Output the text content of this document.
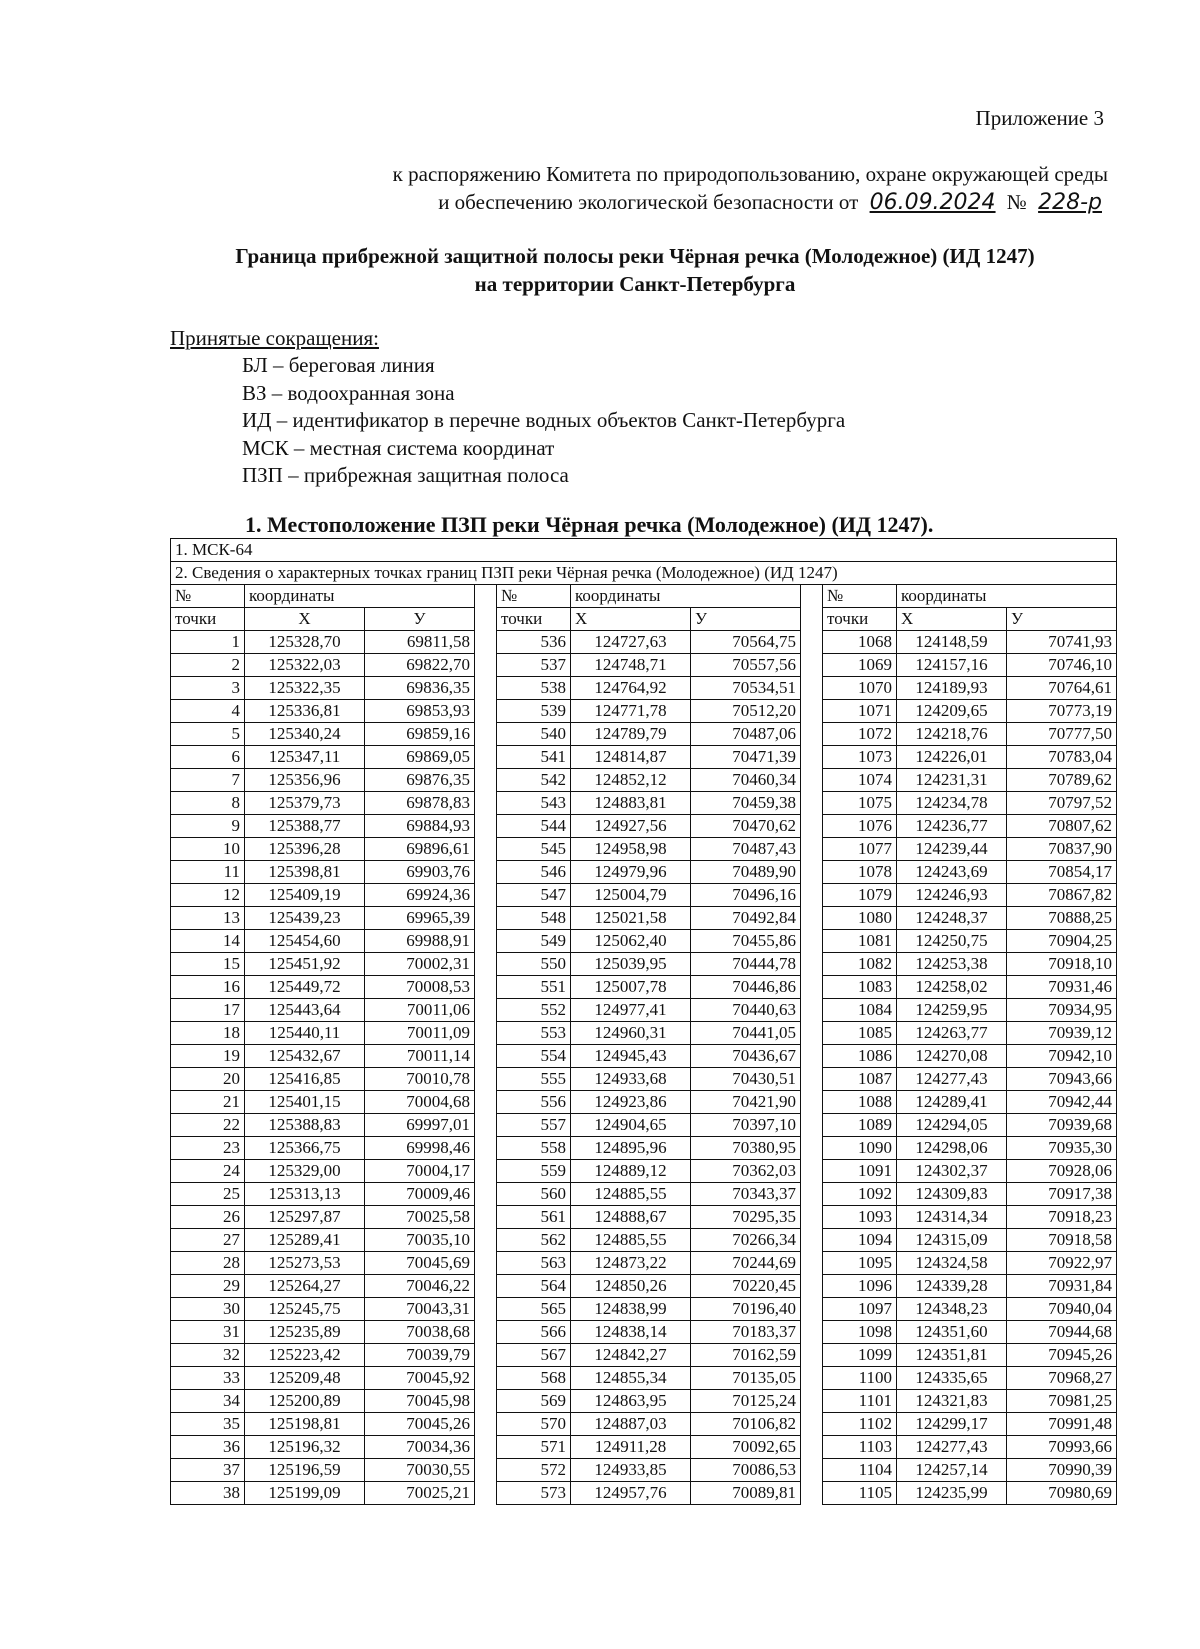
Приложение 3
к распоряжению Комитета по природопользованию, охране окружающей среды
и обеспечению экологической безопасности от 06.09.2024 № 228-р
Граница прибрежной защитной полосы реки Чёрная речка (Молодежное) (ИД 1247)
на территории Санкт-Петербурга
Принятые сокращения:
БЛ – береговая линия
ВЗ – водоохранная зона
ИД – идентификатор в перечне водных объектов Санкт-Петербурга
МСК – местная система координат
ПЗП – прибрежная защитная полоса
1. Местоположение ПЗП реки Чёрная речка (Молодежное) (ИД 1247).
1. МСК-64										
2. Сведения о характерных точках границ ПЗП реки Чёрная речка (Молодежное) (ИД 1247)										
№	координаты			№	координаты			№	координаты	
точки	Х	У		точки	Х	У		точки	Х	У
1	125328,70	69811,58		536	124727,63	70564,75		1068	124148,59	70741,93
2	125322,03	69822,70		537	124748,71	70557,56		1069	124157,16	70746,10
3	125322,35	69836,35		538	124764,92	70534,51		1070	124189,93	70764,61
4	125336,81	69853,93		539	124771,78	70512,20		1071	124209,65	70773,19
5	125340,24	69859,16		540	124789,79	70487,06		1072	124218,76	70777,50
6	125347,11	69869,05		541	124814,87	70471,39		1073	124226,01	70783,04
7	125356,96	69876,35		542	124852,12	70460,34		1074	124231,31	70789,62
8	125379,73	69878,83		543	124883,81	70459,38		1075	124234,78	70797,52
9	125388,77	69884,93		544	124927,56	70470,62		1076	124236,77	70807,62
10	125396,28	69896,61		545	124958,98	70487,43		1077	124239,44	70837,90
11	125398,81	69903,76		546	124979,96	70489,90		1078	124243,69	70854,17
12	125409,19	69924,36		547	125004,79	70496,16		1079	124246,93	70867,82
13	125439,23	69965,39		548	125021,58	70492,84		1080	124248,37	70888,25
14	125454,60	69988,91		549	125062,40	70455,86		1081	124250,75	70904,25
15	125451,92	70002,31		550	125039,95	70444,78		1082	124253,38	70918,10
16	125449,72	70008,53		551	125007,78	70446,86		1083	124258,02	70931,46
17	125443,64	70011,06		552	124977,41	70440,63		1084	124259,95	70934,95
18	125440,11	70011,09		553	124960,31	70441,05		1085	124263,77	70939,12
19	125432,67	70011,14		554	124945,43	70436,67		1086	124270,08	70942,10
20	125416,85	70010,78		555	124933,68	70430,51		1087	124277,43	70943,66
21	125401,15	70004,68		556	124923,86	70421,90		1088	124289,41	70942,44
22	125388,83	69997,01		557	124904,65	70397,10		1089	124294,05	70939,68
23	125366,75	69998,46		558	124895,96	70380,95		1090	124298,06	70935,30
24	125329,00	70004,17		559	124889,12	70362,03		1091	124302,37	70928,06
25	125313,13	70009,46		560	124885,55	70343,37		1092	124309,83	70917,38
26	125297,87	70025,58		561	124888,67	70295,35		1093	124314,34	70918,23
27	125289,41	70035,10		562	124885,55	70266,34		1094	124315,09	70918,58
28	125273,53	70045,69		563	124873,22	70244,69		1095	124324,58	70922,97
29	125264,27	70046,22		564	124850,26	70220,45		1096	124339,28	70931,84
30	125245,75	70043,31		565	124838,99	70196,40		1097	124348,23	70940,04
31	125235,89	70038,68		566	124838,14	70183,37		1098	124351,60	70944,68
32	125223,42	70039,79		567	124842,27	70162,59		1099	124351,81	70945,26
33	125209,48	70045,92		568	124855,34	70135,05		1100	124335,65	70968,27
34	125200,89	70045,98		569	124863,95	70125,24		1101	124321,83	70981,25
35	125198,81	70045,26		570	124887,03	70106,82		1102	124299,17	70991,48
36	125196,32	70034,36		571	124911,28	70092,65		1103	124277,43	70993,66
37	125196,59	70030,55		572	124933,85	70086,53		1104	124257,14	70990,39
38	125199,09	70025,21		573	124957,76	70089,81		1105	124235,99	70980,69
